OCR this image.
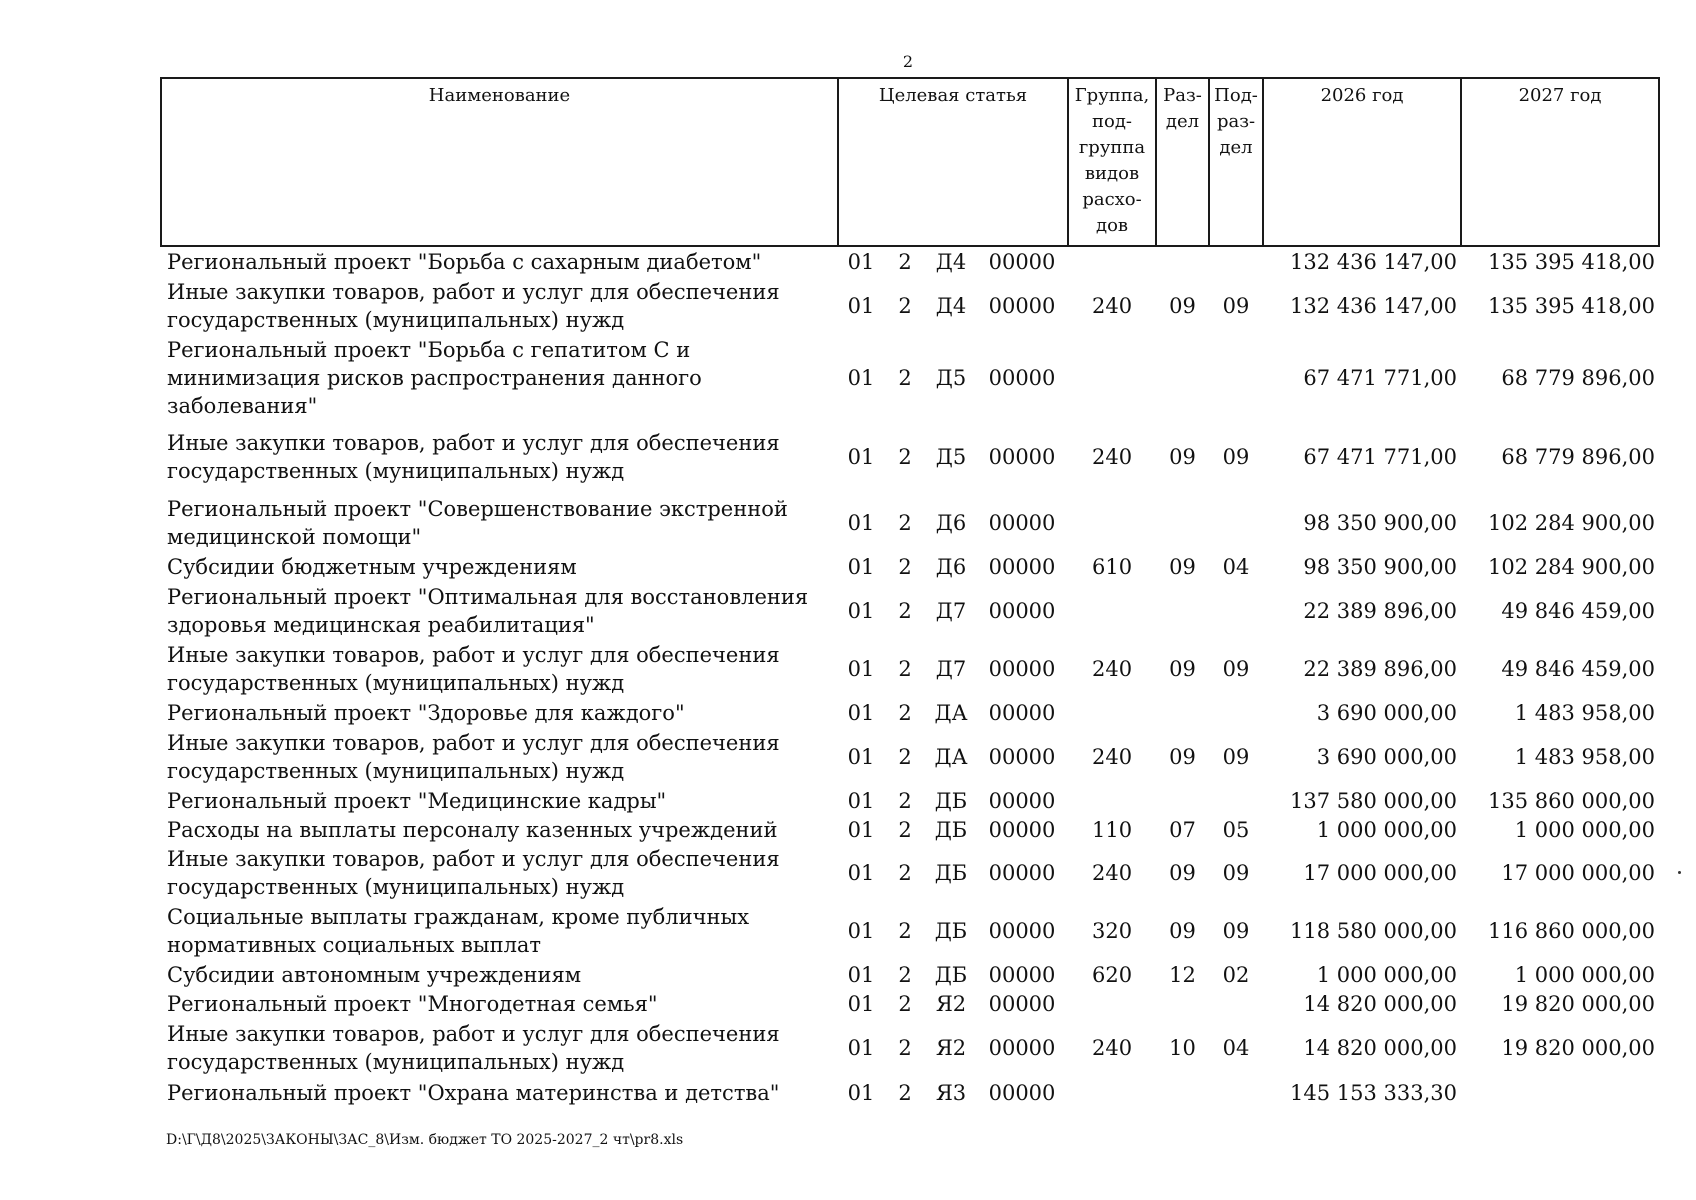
2
Наименование	Целевая статья				Группа, под- группа видов расхо- дов	Раз- дел	Под- раз- дел	2026 год	2027 год
Региональный проект "Борьба с сахарным диабетом"	01	2	Д4	00000				132 436 147,00	135 395 418,00
Иные закупки товаров, работ и услуг для обеспечения государственных (муниципальных) нужд	01	2	Д4	00000	240	09	09	132 436 147,00	135 395 418,00
Региональный проект "Борьба с гепатитом С и минимизация рисков распространения данного заболевания"	01	2	Д5	00000				67 471 771,00	68 779 896,00
Иные закупки товаров, работ и услуг для обеспечения государственных (муниципальных) нужд	01	2	Д5	00000	240	09	09	67 471 771,00	68 779 896,00
Региональный проект "Совершенствование экстренной медицинской помощи"	01	2	Д6	00000				98 350 900,00	102 284 900,00
Субсидии бюджетным учреждениям	01	2	Д6	00000	610	09	04	98 350 900,00	102 284 900,00
Региональный проект "Оптимальная для восстановления здоровья медицинская реабилитация"	01	2	Д7	00000				22 389 896,00	49 846 459,00
Иные закупки товаров, работ и услуг для обеспечения государственных (муниципальных) нужд	01	2	Д7	00000	240	09	09	22 389 896,00	49 846 459,00
Региональный проект "Здоровье для каждого"	01	2	ДА	00000				3 690 000,00	1 483 958,00
Иные закупки товаров, работ и услуг для обеспечения государственных (муниципальных) нужд	01	2	ДА	00000	240	09	09	3 690 000,00	1 483 958,00
Региональный проект "Медицинские кадры"	01	2	ДБ	00000				137 580 000,00	135 860 000,00
Расходы на выплаты персоналу казенных учреждений	01	2	ДБ	00000	110	07	05	1 000 000,00	1 000 000,00
Иные закупки товаров, работ и услуг для обеспечения государственных (муниципальных) нужд	01	2	ДБ	00000	240	09	09	17 000 000,00	17 000 000,00
Социальные выплаты гражданам, кроме публичных нормативных социальных выплат	01	2	ДБ	00000	320	09	09	118 580 000,00	116 860 000,00
Субсидии автономным учреждениям	01	2	ДБ	00000	620	12	02	1 000 000,00	1 000 000,00
Региональный проект "Многодетная семья"	01	2	Я2	00000				14 820 000,00	19 820 000,00
Иные закупки товаров, работ и услуг для обеспечения государственных (муниципальных) нужд	01	2	Я2	00000	240	10	04	14 820 000,00	19 820 000,00
Региональный проект "Охрана материнства и детства"	01	2	Я3	00000				145 153 333,30	
D:\Г\Д8\2025\ЗАКОНЫ\ЗАС_8\Изм. бюджет ТО 2025-2027_2 чт\pr8.xls
